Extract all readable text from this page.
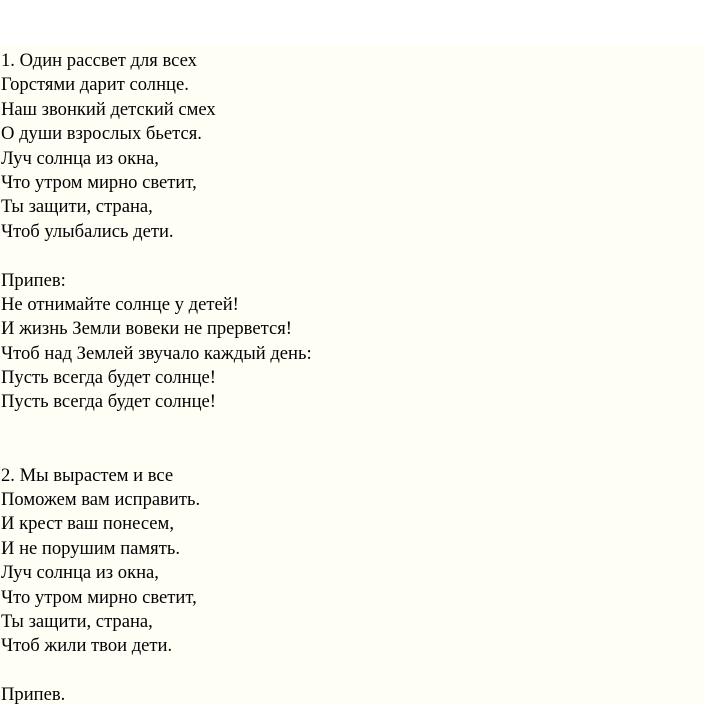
1. Один рассвет для всех
Горстями дарит солнце.
Наш звонкий детский смех
О души взрослых бьется.
Луч солнца из окна,
Что утром мирно светит,
Ты защити, страна,
Чтоб улыбались дети.
Припев:
Не отнимайте солнце у детей!
И жизнь Земли вовеки не прервется!
Чтоб над Землей звучало каждый день:
Пусть всегда будет солнце!
Пусть всегда будет солнце!
2. Мы вырастем и все
Поможем вам исправить.
И крест ваш понесем,
И не порушим память.
Луч солнца из окна,
Что утром мирно светит,
Ты защити, страна,
Чтоб жили твои дети.
Припев.
